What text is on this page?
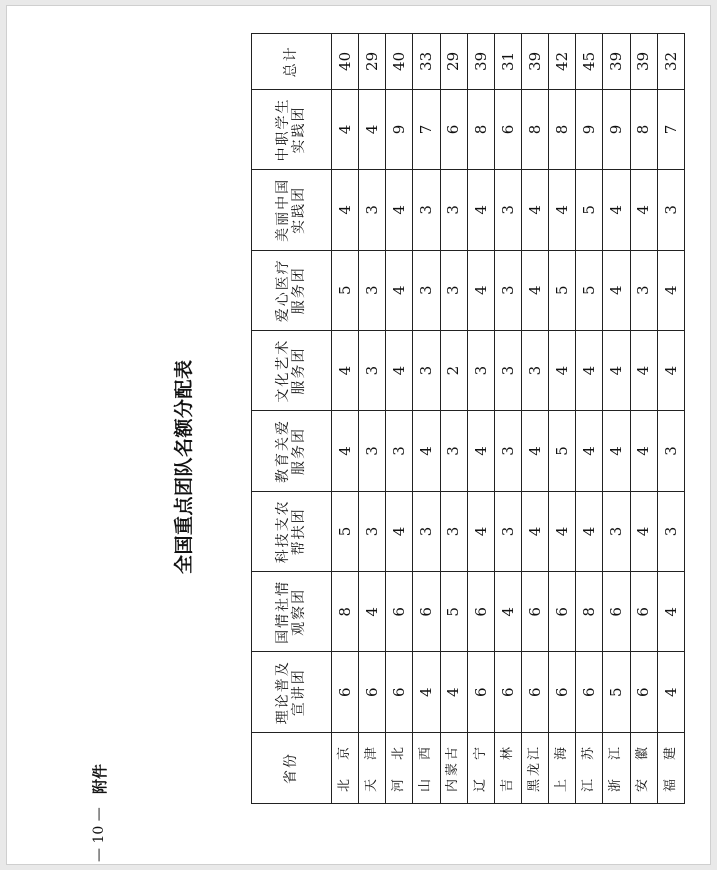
全国重点团队名额分配表
附件
— 10 —
省份	理论普及宣讲团	国情社情观察团	科技支农帮扶团	教育关爱服务团	文化艺术服务团	爱心医疗服务团	美丽中国实践团	中职学生实践团	总计
北　京	6	8	5	4	4	5	4	4	40
天　津	6	4	3	3	3	3	3	4	29
河　北	6	6	4	3	4	4	4	9	40
山　西	4	6	3	4	3	3	3	7	33
内蒙古	4	5	3	3	2	3	3	6	29
辽　宁	6	6	4	4	3	4	4	8	39
吉　林	6	4	3	3	3	3	3	6	31
黑龙江	6	6	4	4	3	4	4	8	39
上　海	6	6	4	5	4	5	4	8	42
江　苏	6	8	4	4	4	5	5	9	45
浙　江	5	6	3	4	4	4	4	9	39
安　徽	6	6	4	4	4	3	4	8	39
福　建	4	4	3	3	4	4	3	7	32
